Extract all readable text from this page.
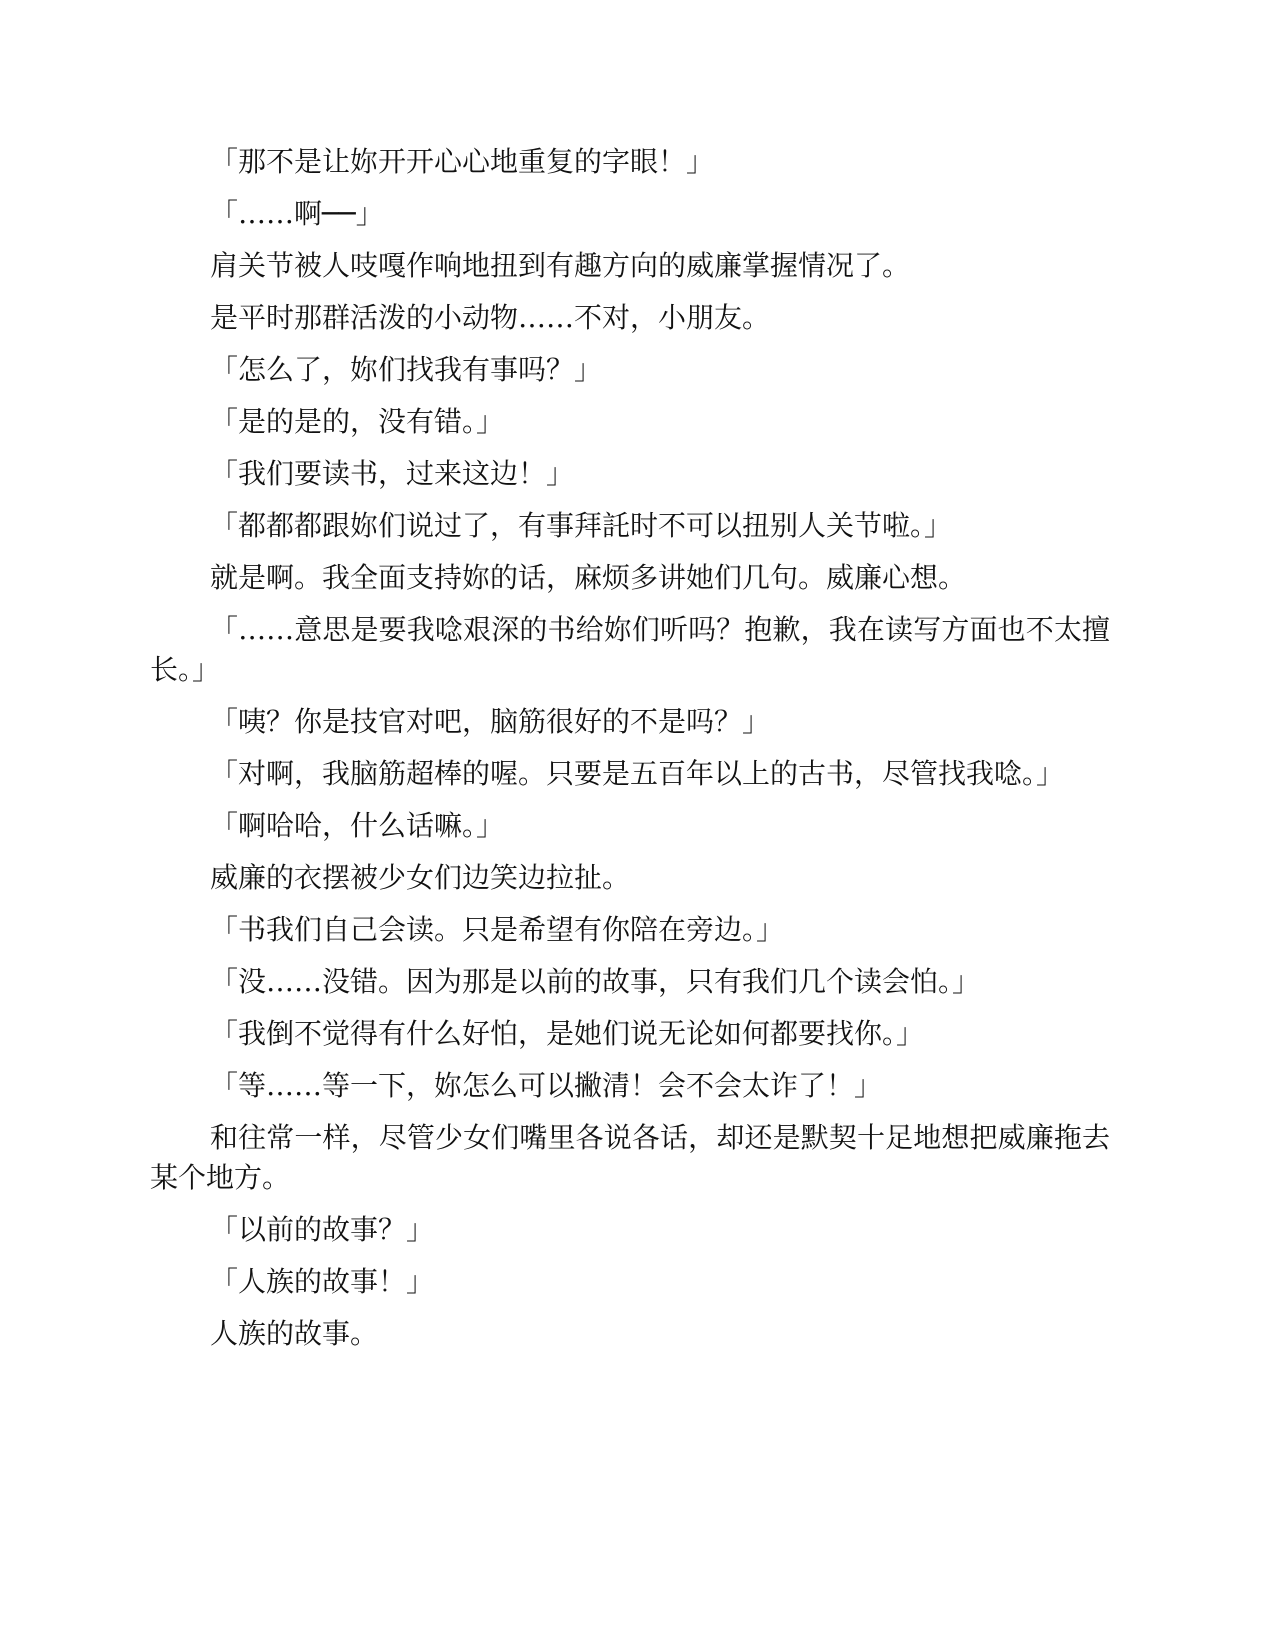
「那不是让妳开开心心地重复的字眼！」

「……啊──」

肩关节被人吱嘎作响地扭到有趣方向的威廉掌握情况了。

是平时那群活泼的小动物……不对，小朋友。

「怎么了，妳们找我有事吗？」

「是的是的，没有错。」

「我们要读书，过来这边！」

「都都都跟妳们说过了，有事拜託时不可以扭别人关节啦。」

就是啊。我全面支持妳的话，麻烦多讲她们几句。威廉心想。

「……意思是要我唸艰深的书给妳们听吗？抱歉，我在读写方面也不太擅长。」

「咦？你是技官对吧，脑筋很好的不是吗？」

「对啊，我脑筋超棒的喔。只要是五百年以上的古书，尽管找我唸。」

「啊哈哈，什么话嘛。」

威廉的衣摆被少女们边笑边拉扯。

「书我们自己会读。只是希望有你陪在旁边。」

「没……没错。因为那是以前的故事，只有我们几个读会怕。」

「我倒不觉得有什么好怕，是她们说无论如何都要找你。」

「等……等一下，妳怎么可以撇清！会不会太诈了！」

和往常一样，尽管少女们嘴里各说各话，却还是默契十足地想把威廉拖去某个地方。

「以前的故事？」

「人族的故事！」

人族的故事。
